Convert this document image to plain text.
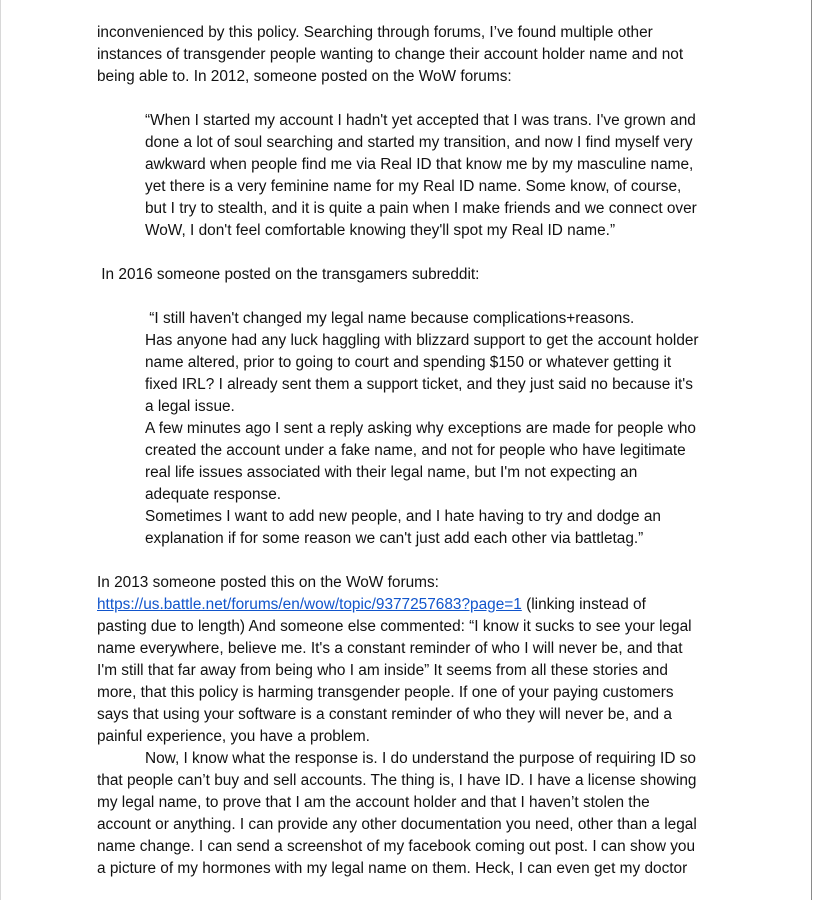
inconvenienced by this policy. Searching through forums, I’ve found multiple other
instances of transgender people wanting to change their account holder name and not
being able to. In 2012, someone posted on the WoW forums:
“When I started my account I hadn't yet accepted that I was trans. I've grown and
done a lot of soul searching and started my transition, and now I find myself very
awkward when people find me via Real ID that know me by my masculine name,
yet there is a very feminine name for my Real ID name. Some know, of course,
but I try to stealth, and it is quite a pain when I make friends and we connect over
WoW, I don't feel comfortable knowing they'll spot my Real ID name.”
In 2016 someone posted on the transgamers subreddit:
“I still haven't changed my legal name because complications+reasons.
Has anyone had any luck haggling with blizzard support to get the account holder
name altered, prior to going to court and spending $150 or whatever getting it
fixed IRL? I already sent them a support ticket, and they just said no because it's
a legal issue.
A few minutes ago I sent a reply asking why exceptions are made for people who
created the account under a fake name, and not for people who have legitimate
real life issues associated with their legal name, but I'm not expecting an
adequate response.
Sometimes I want to add new people, and I hate having to try and dodge an
explanation if for some reason we can't just add each other via battletag.”
In 2013 someone posted this on the WoW forums:
https://us.battle.net/forums/en/wow/topic/9377257683?page=1 (linking instead of
pasting due to length) And someone else commented: “I know it sucks to see your legal
name everywhere, believe me. It's a constant reminder of who I will never be, and that
I'm still that far away from being who I am inside” It seems from all these stories and
more, that this policy is harming transgender people. If one of your paying customers
says that using your software is a constant reminder of who they will never be, and a
painful experience, you have a problem.
Now, I know what the response is. I do understand the purpose of requiring ID so
that people can’t buy and sell accounts. The thing is, I have ID. I have a license showing
my legal name, to prove that I am the account holder and that I haven’t stolen the
account or anything. I can provide any other documentation you need, other than a legal
name change. I can send a screenshot of my facebook coming out post. I can show you
a picture of my hormones with my legal name on them. Heck, I can even get my doctor
